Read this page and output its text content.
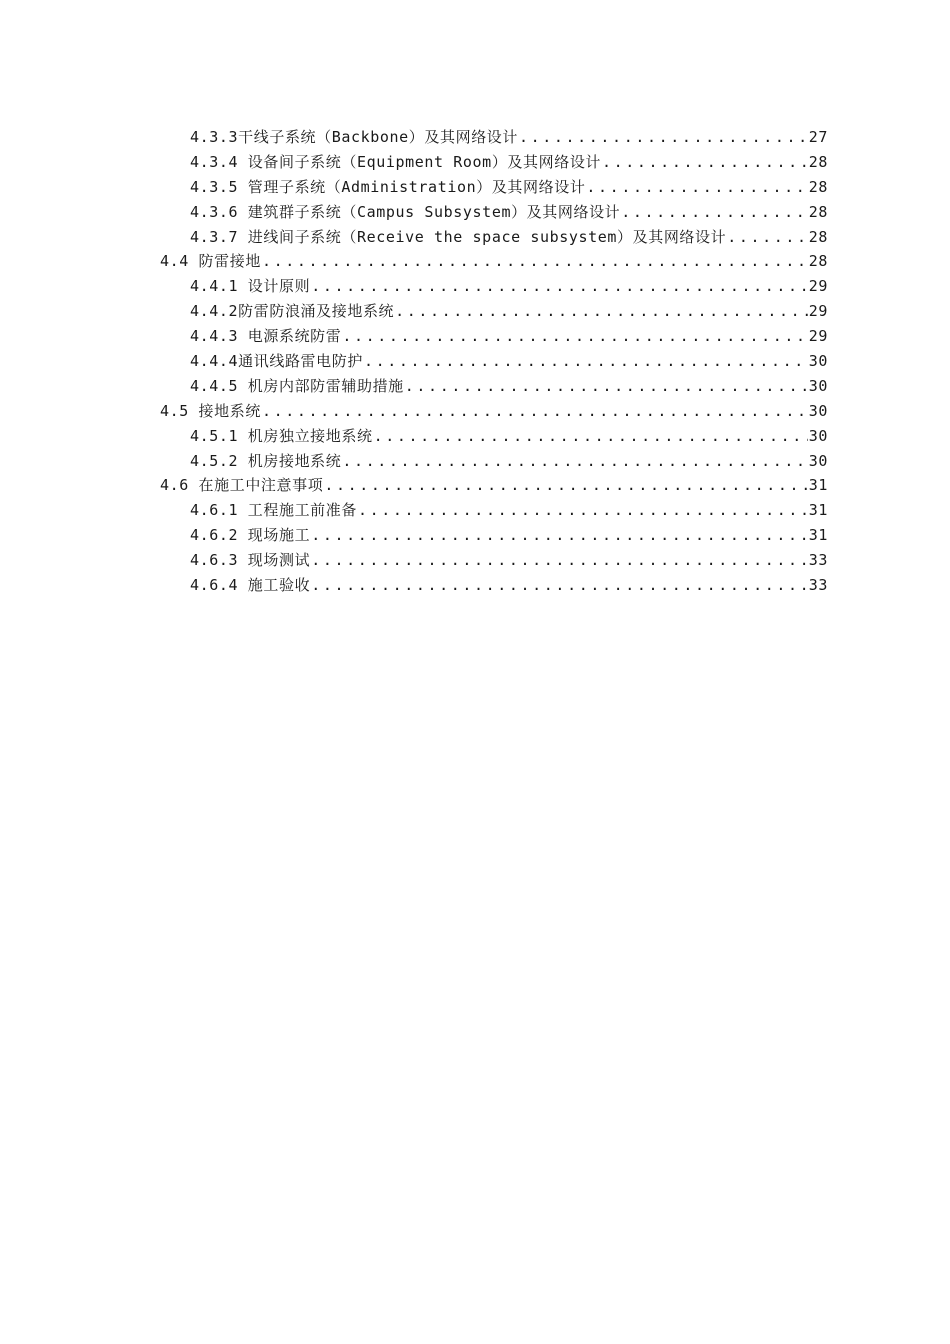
4.3.3干线子系统（Backbone）及其网络设计 .....	27
4.3.4 设备间子系统（Equipment Room）及其网络设计 .....	28
4.3.5 管理子系统（Administration）及其网络设计 .....	28
4.3.6 建筑群子系统（Campus Subsystem）及其网络设计 .....	28
4.3.7 进线间子系统（Receive the space subsystem）及其网络设计 .....	28
4.4 防雷接地 .....	28
4.4.1 设计原则 .....	29
4.4.2防雷防浪涌及接地系统 .....	29
4.4.3 电源系统防雷 .....	29
4.4.4通讯线路雷电防护 .....	30
4.4.5 机房内部防雷辅助措施 .....	30
4.5 接地系统 .....	30
4.5.1 机房独立接地系统 .....	30
4.5.2 机房接地系统 .....	30
4.6 在施工中注意事项 .....	31
4.6.1 工程施工前准备 .....	31
4.6.2 现场施工 .....	31
4.6.3 现场测试 .....	33
4.6.4 施工验收 .....	33
